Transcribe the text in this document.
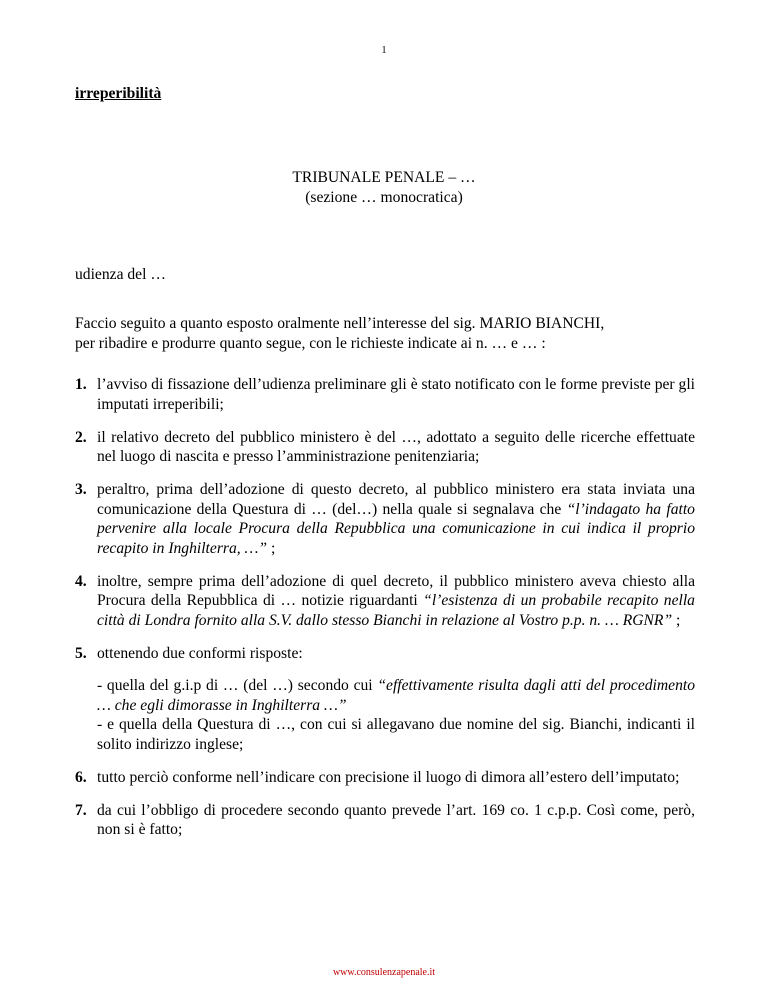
1
irreperibilità
TRIBUNALE PENALE – …
(sezione … monocratica)
udienza del …
Faccio seguito a quanto esposto oralmente nell’interesse del sig. MARIO BIANCHI,
per ribadire e produrre quanto segue, con le richieste indicate ai n. … e … :
1. l’avviso di fissazione dell’udienza preliminare gli è stato notificato con le forme previste per gli imputati irreperibili;
2. il relativo decreto del pubblico ministero è del …, adottato a seguito delle ricerche effettuate nel luogo di nascita e presso l’amministrazione penitenziaria;
3. peraltro, prima dell’adozione di questo decreto, al pubblico ministero era stata inviata una comunicazione della Questura di … (del…) nella quale si segnalava che “l’indagato ha fatto pervenire alla locale Procura della Repubblica una comunicazione in cui indica il proprio recapito in Inghilterra, …” ;
4. inoltre, sempre prima dell’adozione di quel decreto, il pubblico ministero aveva chiesto alla Procura della Repubblica di … notizie riguardanti “l’esistenza di un probabile recapito nella città di Londra fornito alla S.V. dallo stesso Bianchi in relazione al Vostro p.p. n. … RGNR” ;
5. ottenendo due conformi risposte:
- quella del g.i.p di … (del …) secondo cui “effettivamente risulta dagli atti del procedimento … che egli dimorasse in Inghilterra …”
- e quella della Questura di …, con cui si allegavano due nomine del sig. Bianchi, indicanti il solito indirizzo inglese;
6. tutto perciò conforme nell’indicare con precisione il luogo di dimora all’estero dell’imputato;
7. da cui l’obbligo di procedere secondo quanto prevede l’art. 169 co. 1 c.p.p. Così come, però, non si è fatto;
www.consulenzapenale.it
